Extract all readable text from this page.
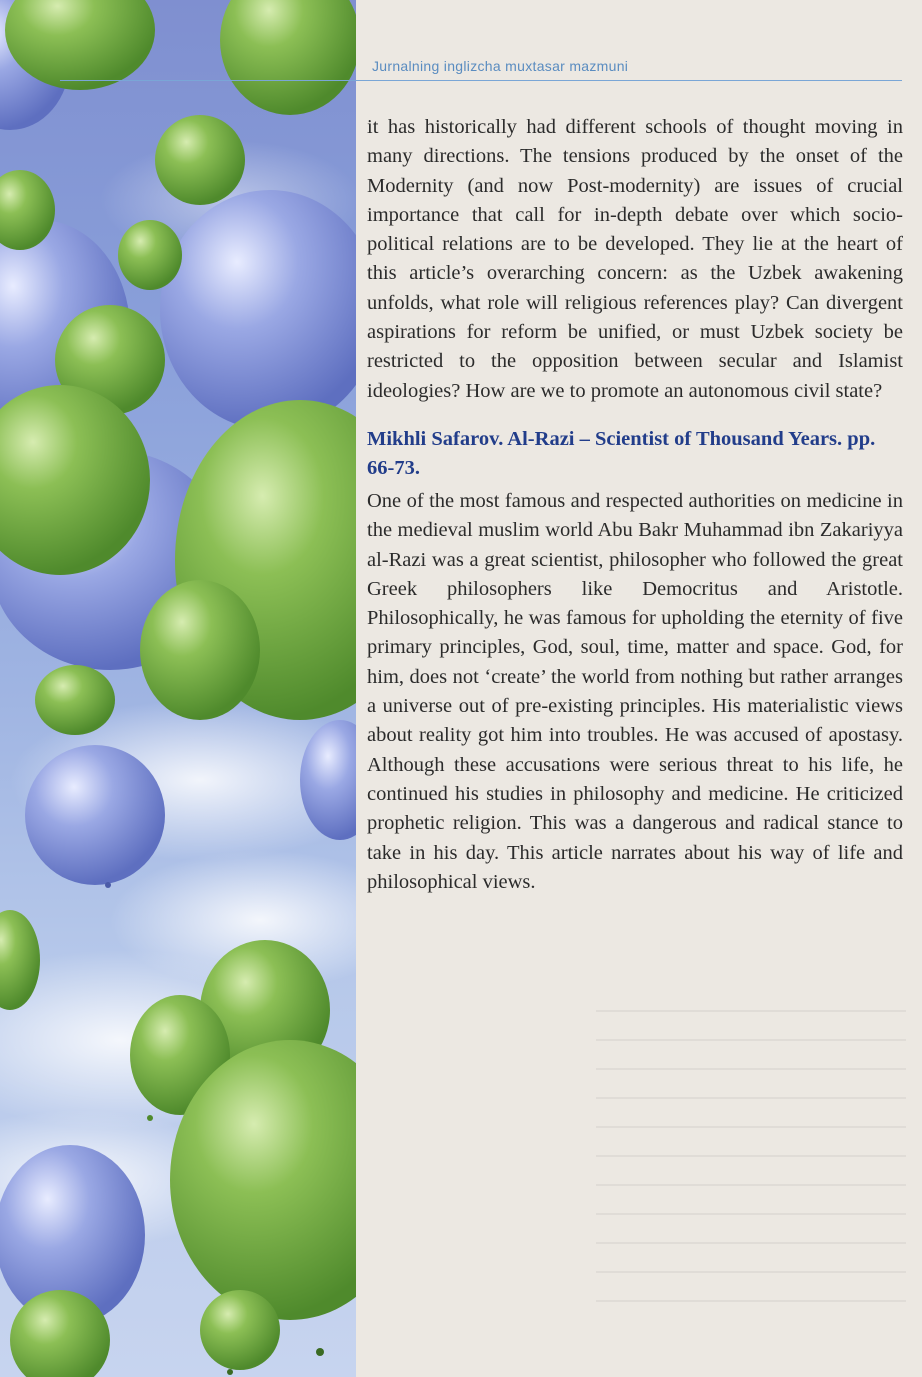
Jurnalning inglizcha muxtasar mazmuni

it has historically had different schools of thought moving in many directions. The tensions produced by the onset of the Modernity (and now Post-modernity) are issues of crucial importance that call for in-depth debate over which socio-political relations are to be developed. They lie at the heart of this article’s overarching concern: as the Uzbek awakening unfolds, what role will religious references play? Can divergent aspirations for reform be unified, or must Uzbek society be restricted to the opposition between secular and Islamist ideologies? How are we to promote an autonomous civil state?

Mikhli Safarov. Al-Razi – Scientist of Thousand Years. pp. 66-73.

One of the most famous and respected authorities on medicine in the medieval muslim world Abu Bakr Muhammad ibn Zakariyya al-Razi was a great scientist, philosopher who followed the great Greek philosophers like Democritus and Aristotle. Philosophically, he was famous for upholding the eternity of five primary principles, God, soul, time, matter and space. God, for him, does not ‘create’ the world from nothing but rather arranges a universe out of pre-existing principles. His materialistic views about reality got him into troubles. He was accused of apostasy. Although these accusations were serious threat to his life, he continued his studies in philosophy and medicine. He criticized prophetic religion. This was a dangerous and radical stance to take in his day. This article narrates about his way of life and philosophical views.
